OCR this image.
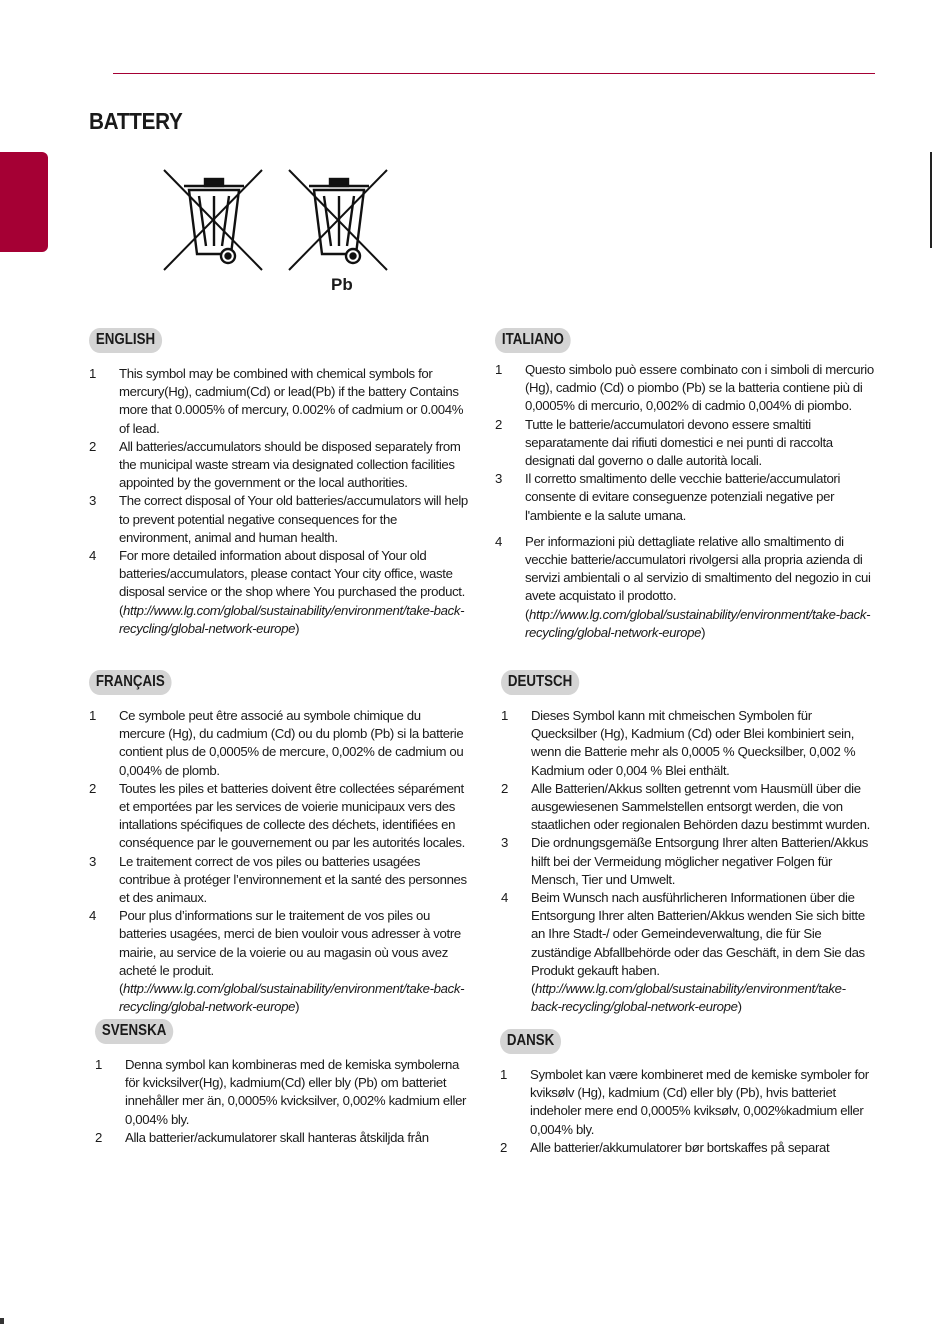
BATTERY
Pb
ENGLISH
1 This symbol may be combined with chemical symbols for mercury(Hg), cadmium(Cd) or lead(Pb) if the battery Contains more that 0.0005% of mercury, 0.002% of cadmium or 0.004% of lead.
2 All batteries/accumulators should be disposed separately from the municipal waste stream via designated collection facilities appointed by the government or the local authorities.
3 The correct disposal of Your old batteries/accumulators will help to prevent potential negative consequences for the environment, animal and human health.
4 For more detailed information about disposal of Your old batteries/accumulators, please contact Your city office, waste disposal service or the shop where You purchased the product. (http://www.lg.com/global/sustainability/environment/take-back-recycling/global-network-europe)
ITALIANO
1 Questo simbolo può essere combinato con i simboli di mercurio (Hg), cadmio (Cd) o piombo (Pb) se la batteria contiene più di 0,0005% di mercurio, 0,002% di cadmio 0,004% di piombo.
2 Tutte le batterie/accumulatori devono essere smaltiti separatamente dai rifiuti domestici e nei punti di raccolta designati dal governo o dalle autorità locali.
3 Il corretto smaltimento delle vecchie batterie/accumulatori consente di evitare conseguenze potenziali negative per l'ambiente e la salute umana.
4 Per informazioni più dettagliate relative allo smaltimento di vecchie batterie/accumulatori rivolgersi alla propria azienda di servizi ambientali o al servizio di smaltimento del negozio in cui avete acquistato il prodotto. (http://www.lg.com/global/sustainability/environment/take-back-recycling/global-network-europe)
FRANÇAIS
1 Ce symbole peut être associé au symbole chimique du mercure (Hg), du cadmium (Cd) ou du plomb (Pb) si la batterie contient plus de 0,0005% de mercure, 0,002% de cadmium ou 0,004% de plomb.
2 Toutes les piles et batteries doivent être collectées séparément et emportées par les services de voierie municipaux vers des intallations spécifiques de collecte des déchets, identifiées en conséquence par le gouvernement ou par les autorités locales.
3 Le traitement correct de vos piles ou batteries usagées contribue à protéger l’environnement et la santé des personnes et des animaux.
4 Pour plus d’informations sur le traitement de vos piles ou batteries usagées, merci de bien vouloir vous adresser à votre mairie, au service de la voierie ou au magasin où vous avez acheté le produit. (http://www.lg.com/global/sustainability/environment/take-back-recycling/global-network-europe)
DEUTSCH
1 Dieses Symbol kann mit chmeischen Symbolen für Quecksilber (Hg), Kadmium (Cd) oder Blei kombiniert sein, wenn die Batterie mehr als 0,0005 % Quecksilber, 0,002 % Kadmium oder 0,004 % Blei enthält.
2 Alle Batterien/Akkus sollten getrennt vom Hausmüll über die ausgewiesenen Sammelstellen entsorgt werden, die von staatlichen oder regionalen Behörden dazu bestimmt wurden.
3 Die ordnungsgemäße Entsorgung Ihrer alten Batterien/Akkus hilft bei der Vermeidung möglicher negativer Folgen für Mensch, Tier und Umwelt.
4 Beim Wunsch nach ausführlicheren Informationen über die Entsorgung Ihrer alten Batterien/Akkus wenden Sie sich bitte an Ihre Stadt-/ oder Gemeindeverwaltung, die für Sie zuständige Abfallbehörde oder das Geschäft, in dem Sie das Produkt gekauft haben. (http://www.lg.com/global/sustainability/environment/take-back-recycling/global-network-europe)
SVENSKA
1 Denna symbol kan kombineras med de kemiska symbolerna för kvicksilver(Hg), kadmium(Cd) eller bly (Pb) om batteriet innehåller mer än, 0,0005% kvicksilver, 0,002% kadmium eller 0,004% bly.
2 Alla batterier/ackumulatorer skall hanteras åtskiljda från
DANSK
1 Symbolet kan være kombineret med de kemiske symboler for kviksølv (Hg), kadmium (Cd) eller bly (Pb), hvis batteriet indeholer mere end 0,0005% kviksølv, 0,002%kadmium eller 0,004% bly.
2 Alle batterier/akkumulatorer bør bortskaffes på separat
